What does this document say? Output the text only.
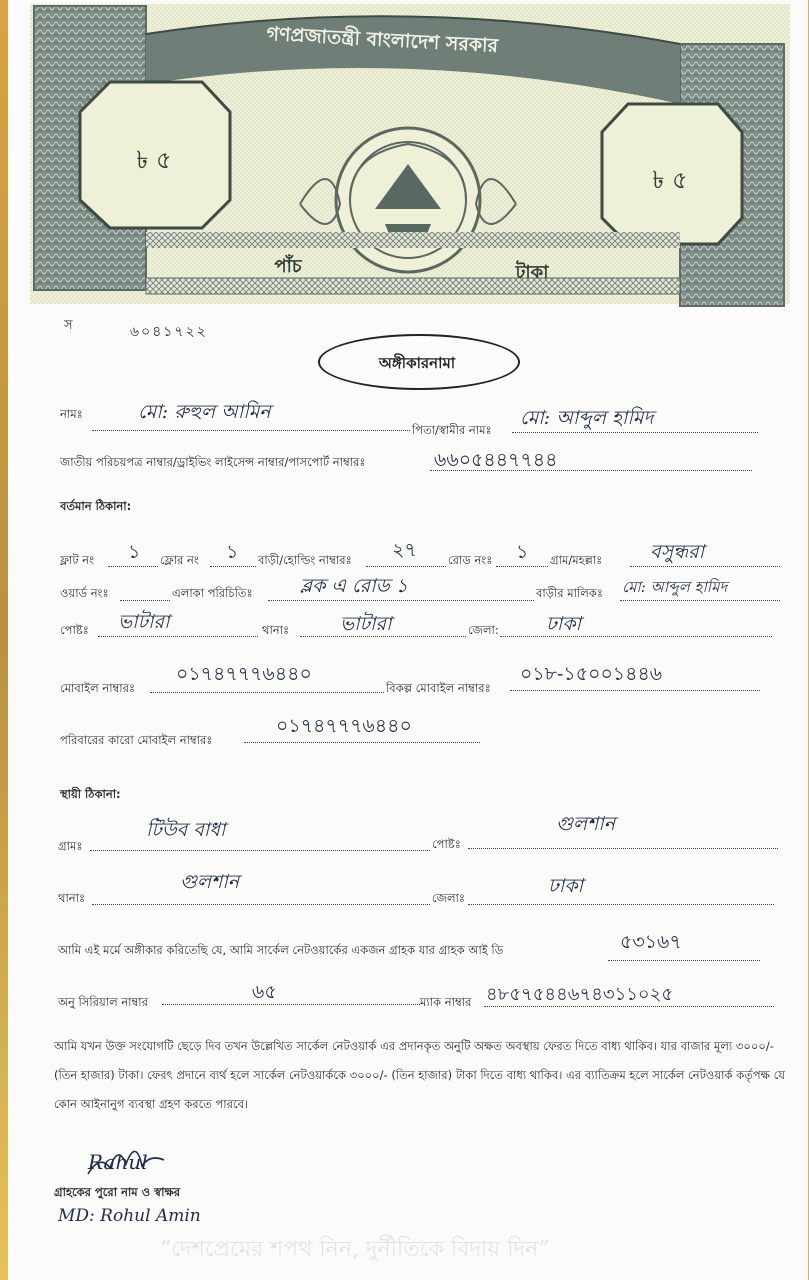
গণপ্রজাতন্ত্রী বাংলাদেশ সরকার
৳ ৫
৳ ৫
পাঁচ	টাকা
স	৬০৪১৭২২
অঙ্গীকারনামা
নামঃ	মো: রুহুল আমিন
পিতা/স্বামীর নামঃ
মো: আব্দুল হামিদ
জাতীয় পরিচয়পত্র নাম্বার/ড্রাইভিং লাইসেন্স নাম্বার/পাসপোর্ট নাম্বারঃ	৬৬০৫৪৪৭৭৪৪
বর্তমান ঠিকানা:
ফ্লাট নং ১ ফ্লোর নং ১ বাড়ী/হোল্ডিং নাম্বারঃ ২৭	রোড নংঃ ১ গ্রাম/মহল্লাঃ	বসুন্ধরা
ওয়ার্ড নংঃ	এলাকা পরিচিতিঃ ব্লক এ রোড ১	বাড়ীর মালিকঃ মো: আব্দুল হামিদ
পোষ্টঃ ভাটারা	থানাঃ	ভাটারা	জেলা: ঢাকা
মোবাইল নাম্বারঃ
০১৭৪৭৭৭৬৪৪০
বিকল্প মোবাইল নাম্বারঃ
০১৮-১৫০০১৪৪৬
পরিবারের কারো মোবাইল নাম্বারঃ
০১৭৪৭৭৭৬৪৪০
স্থায়ী ঠিকানা:
গ্রামঃ
টিউব বাধা
পোষ্টঃ
গুলশান
থানাঃ
গুলশান
জেলাঃ
ঢাকা
আমি এই মর্মে অঙ্গীকার করিতেছি যে, আমি সার্কেল নেটওয়ার্কের একজন গ্রাহক যার গ্রাহক আই ডি	৫৩১৬৭
অনু সিরিয়াল নাম্বার	৬৫	ম্যাক নাম্বার ৪৮৫৭৫৪৪৬৭৪৩১১০২৫
আমি যখন উক্ত সংযোগটি ছেড়ে দিব তখন উল্লেখিত সার্কেল নেটওয়ার্ক এর প্রদানকৃত অনুটি অক্ষত অবস্থায় ফেরত দিতে বাধ্য থাকিব। যার বাজার মূল্য ৩০০০/- (তিন হাজার) টাকা। ফেরৎ প্রদানে ব্যর্থ হলে সার্কেল নেটওয়ার্ককে ৩০০০/- (তিন হাজার) টাকা দিতে বাধ্য থাকিব। এর ব্যাতিক্রম হলে সার্কেল নেটওয়ার্ক কর্তৃপক্ষ যে কোন আইনানুগ ব্যবস্থা গ্রহণ করতে পারবে।
Rahul
গ্রাহকের পুরো নাম ও স্বাক্ষর
MD: Rohul Amin
“দেশপ্রেমের শপথ নিন, দুর্নীতিকে বিদায় দিন”
